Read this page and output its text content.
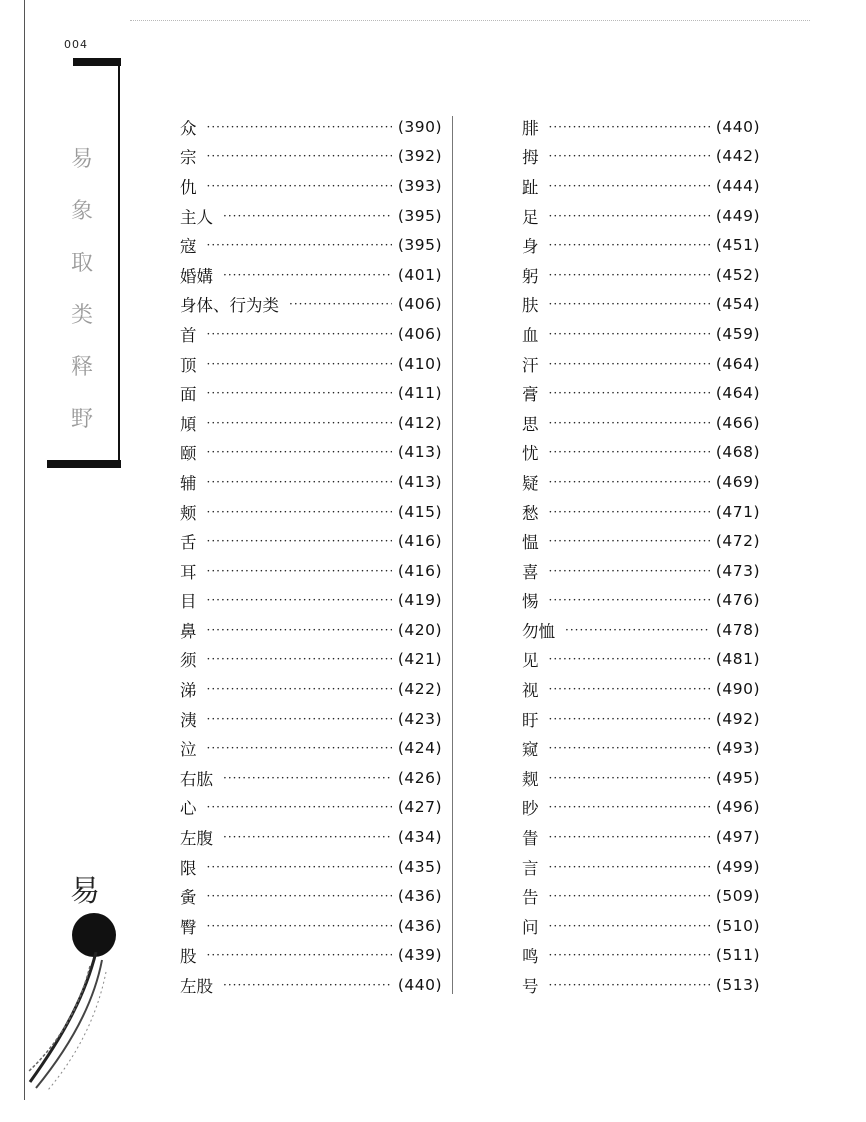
004
易
象
取
类
释
野
众 ·····	(390)
宗 ·····	(392)
仇 ·····	(393)
主人 ·····	(395)
寇 ·····	(395)
婚媾 ·····	(401)
身体、行为类 ·····	(406)
首 ·····	(406)
顶 ·····	(410)
面 ·····	(411)
頄 ·····	(412)
颐 ·····	(413)
辅 ·····	(413)
颊 ·····	(415)
舌 ·····	(416)
耳 ·····	(416)
目 ·····	(419)
鼻 ·····	(420)
须 ·····	(421)
涕 ·····	(422)
洟 ·····	(423)
泣 ·····	(424)
右肱 ·····	(426)
心 ·····	(427)
左腹 ·····	(434)
限 ·····	(435)
夤 ·····	(436)
臀 ·····	(436)
股 ·····	(439)
左股 ·····	(440)
腓 ·····	(440)
拇 ·····	(442)
趾 ·····	(444)
足 ·····	(449)
身 ·····	(451)
躬 ·····	(452)
肤 ·····	(454)
血 ·····	(459)
汗 ·····	(464)
膏 ·····	(464)
思 ·····	(466)
忧 ·····	(468)
疑 ·····	(469)
愁 ·····	(471)
愠 ·····	(472)
喜 ·····	(473)
惕 ·····	(476)
勿恤 ·····	(478)
见 ·····	(481)
视 ·····	(490)
盱 ·····	(492)
窥 ·····	(493)
觌 ·····	(495)
眇 ·····	(496)
眚 ·····	(497)
言 ·····	(499)
告 ·····	(509)
问 ·····	(510)
鸣 ·····	(511)
号 ·····	(513)
易
